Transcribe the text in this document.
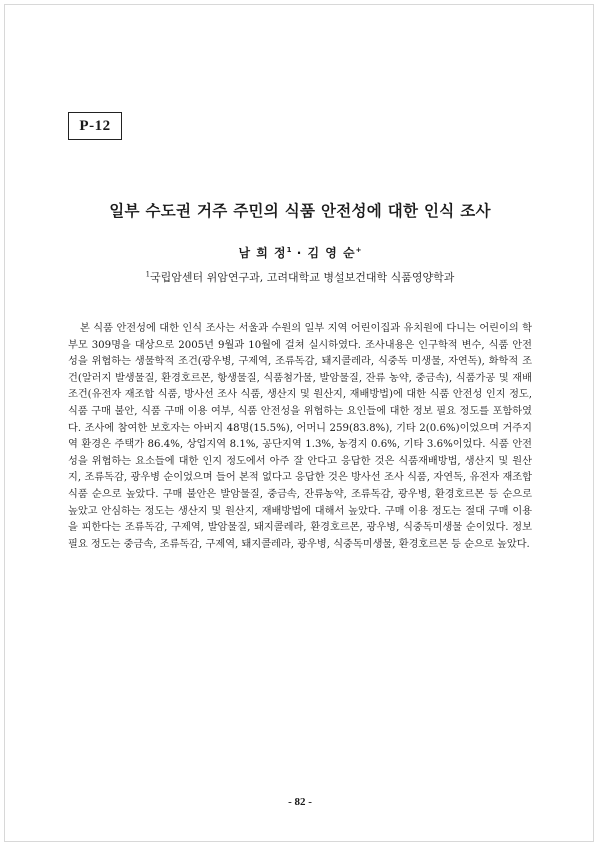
P-12
일부 수도권 거주 주민의 식품 안전성에 대한 인식 조사
남 희 정$^1$ · 김 영 순+
$^1$국립암센터 위암연구과, 고려대학교 병설보건대학 식품영양학과

본 식품 안전성에 대한 인식 조사는 서울과 수원의 일부 지역 어린이집과 유치원에 다니는 어린이의 학부모 309명을 대상으로 2005년 9월과 10월에 걸쳐 실시하였다. 조사내용은 인구학적 변수, 식품 안전성을 위협하는 생물학적 조건(광우병, 구제역, 조류독감, 돼지콜레라, 식중독 미생물, 자연독), 화학적 조건(알러지 발생물질, 환경호르몬, 항생물질, 식품첨가물, 발암물질, 잔류 농약, 중금속), 식품가공 및 재배조건(유전자 재조합 식품, 방사선 조사 식품, 생산지 및 원산지, 재배방법)에 대한 식품 안전성 인지 정도, 식품 구매 불안, 식품 구매 이용 여부, 식품 안전성을 위협하는 요인들에 대한 정보 필요 정도를 포함하였다. 조사에 참여한 보호자는 아버지 48명(15.5%), 어머니 259(83.8%), 기타 2(0.6%)이었으며 거주지역 환경은 주택가 86.4%, 상업지역 8.1%, 공단지역 1.3%, 농경지 0.6%, 기타 3.6%이었다. 식품 안전성을 위협하는 요소들에 대한 인지 정도에서 아주 잘 안다고 응답한 것은 식품재배방법, 생산지 및 원산지, 조류독감, 광우병 순이었으며 들어 본적 없다고 응답한 것은 방사선 조사 식품, 자연독, 유전자 재조합 식품 순으로 높았다. 구매 불안은 발암물질, 중금속, 잔류농약, 조류독감, 광우병, 환경호르몬 등 순으로 높았고 안심하는 정도는 생산지 및 원산지, 재배방법에 대해서 높았다. 구매 이용 정도는 절대 구매 이용을 피한다는 조류독감, 구제역, 발암물질, 돼지콜레라, 환경호르몬, 광우병, 식중독미생물 순이었다. 정보 필요 정도는 중금속, 조류독감, 구제역, 돼지콜레라, 광우병, 식중독미생물, 환경호르몬 등 순으로 높았다.

- 82 -
